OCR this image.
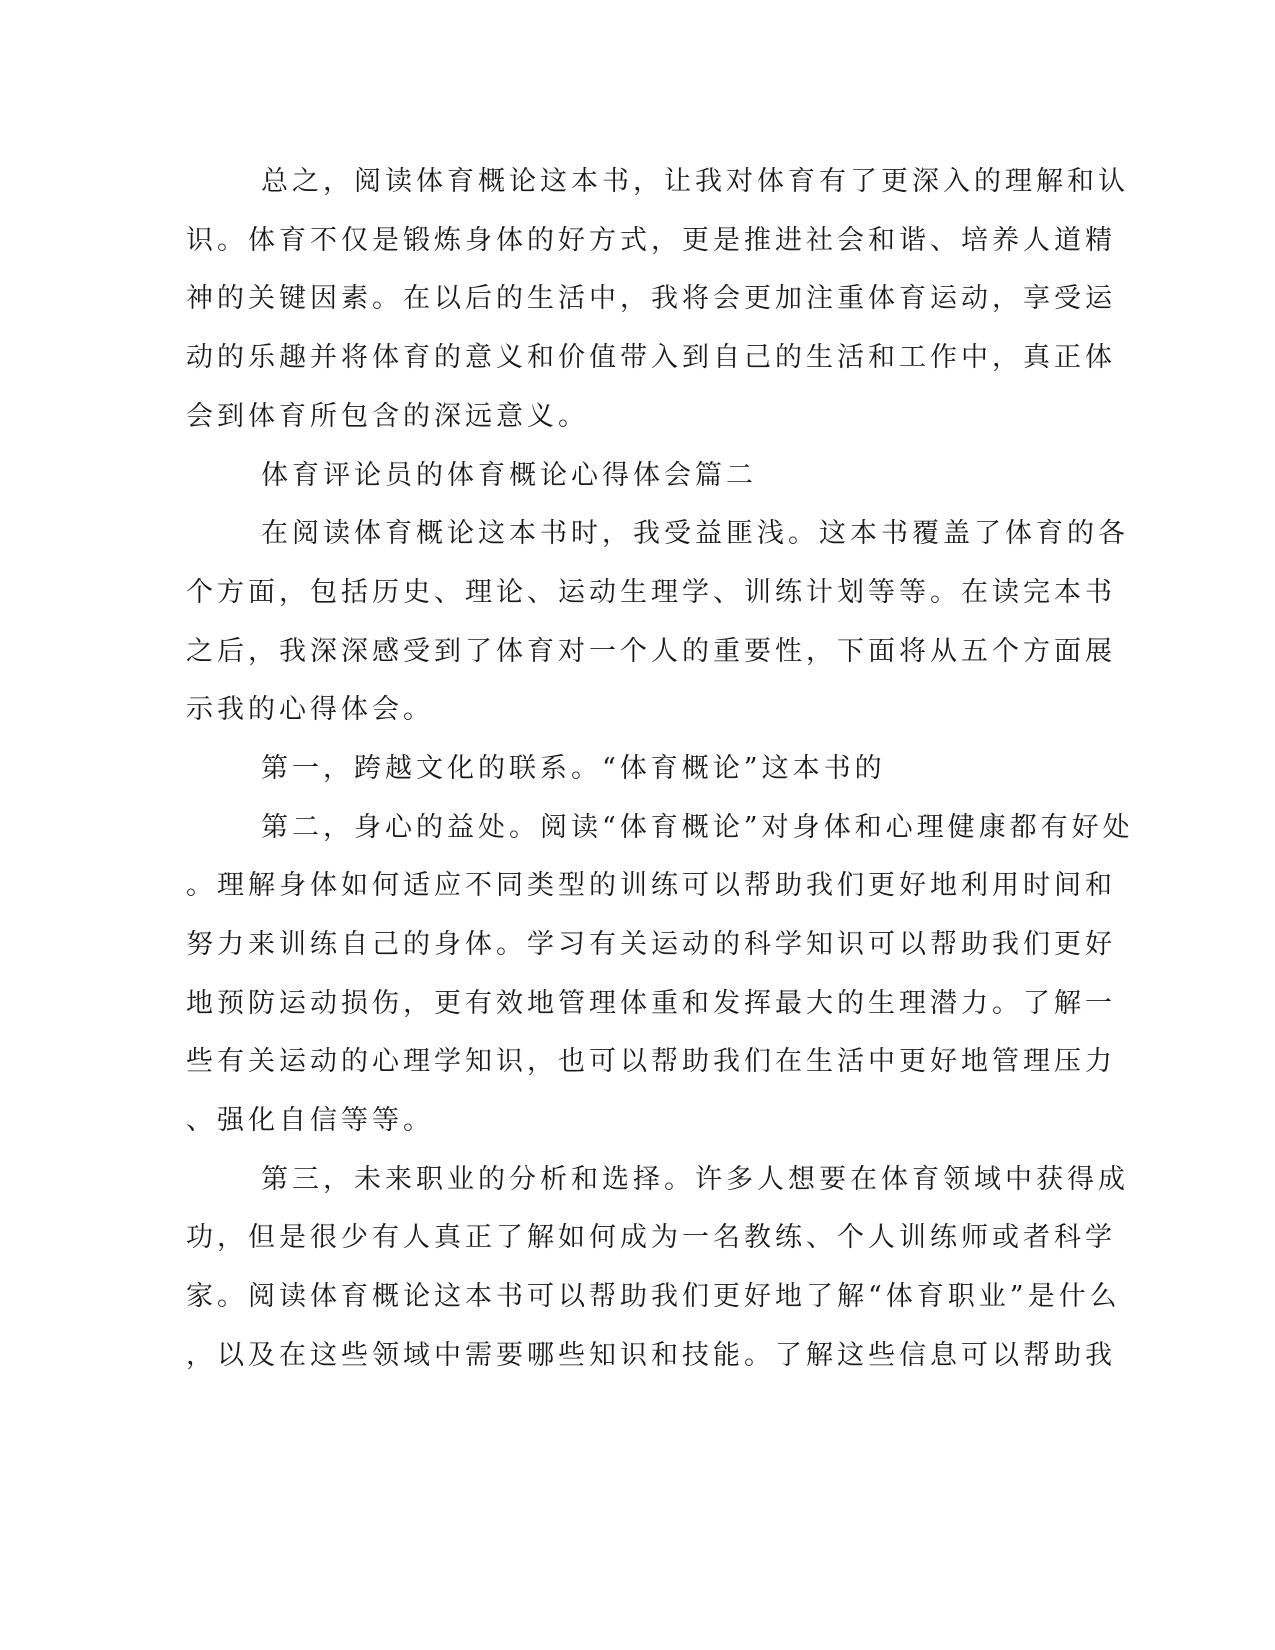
总之，阅读体育概论这本书，让我对体育有了更深入的理解和认
识。体育不仅是锻炼身体的好方式，更是推进社会和谐、培养人道精
神的关键因素。在以后的生活中，我将会更加注重体育运动，享受运
动的乐趣并将体育的意义和价值带入到自己的生活和工作中，真正体
会到体育所包含的深远意义。
体育评论员的体育概论心得体会篇二
在阅读体育概论这本书时，我受益匪浅。这本书覆盖了体育的各
个方面，包括历史、理论、运动生理学、训练计划等等。在读完本书
之后，我深深感受到了体育对一个人的重要性，下面将从五个方面展
示我的心得体会。
第一，跨越文化的联系。“体育概论”这本书的
第二，身心的益处。阅读“体育概论”对身体和心理健康都有好处
。理解身体如何适应不同类型的训练可以帮助我们更好地利用时间和
努力来训练自己的身体。学习有关运动的科学知识可以帮助我们更好
地预防运动损伤，更有效地管理体重和发挥最大的生理潜力。了解一
些有关运动的心理学知识，也可以帮助我们在生活中更好地管理压力
、强化自信等等。
第三，未来职业的分析和选择。许多人想要在体育领域中获得成
功，但是很少有人真正了解如何成为一名教练、个人训练师或者科学
家。阅读体育概论这本书可以帮助我们更好地了解“体育职业”是什么
，以及在这些领域中需要哪些知识和技能。了解这些信息可以帮助我
